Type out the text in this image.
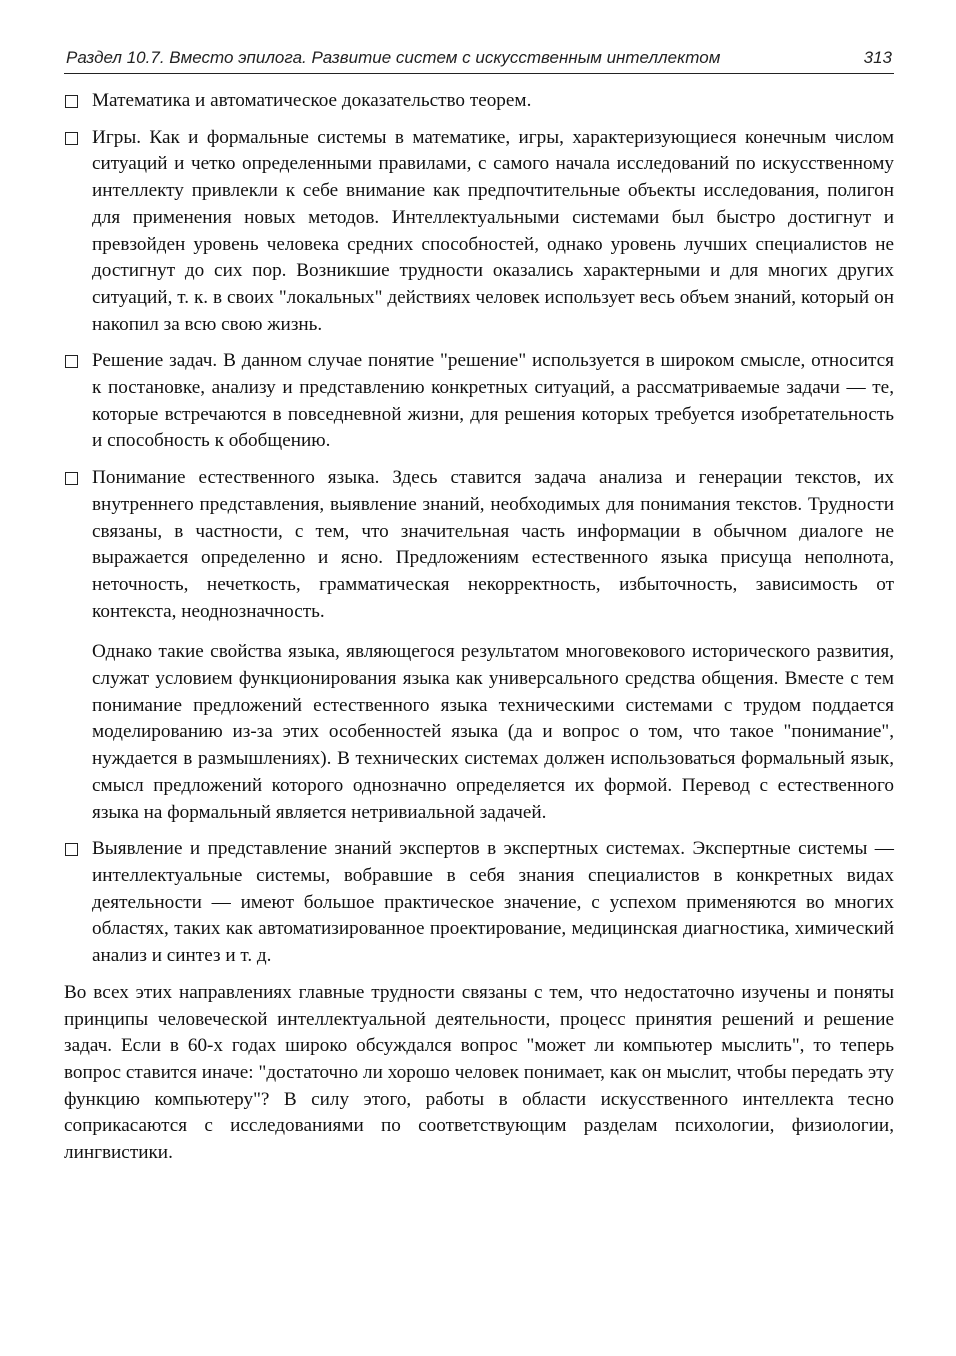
Раздел 10.7. Вместо эпилога. Развитие систем с искусственным интеллектом	313

Математика и автоматическое доказательство теорем.

Игры. Как и формальные системы в математике, игры, характеризующиеся конечным числом ситуаций и четко определенными правилами, с самого начала исследований по искусственному интеллекту привлекли к себе внимание как предпочтительные объекты исследования, полигон для применения новых методов. Интеллектуальными системами был быстро достигнут и превзойден уровень человека средних способностей, однако уровень лучших специалистов не достигнут до сих пор. Возникшие трудности оказались характерными и для многих других ситуаций, т. к. в своих "локальных" действиях человек использует весь объем знаний, который он накопил за всю свою жизнь.

Решение задач. В данном случае понятие "решение" используется в широком смысле, относится к постановке, анализу и представлению конкретных ситуаций, а рассматриваемые задачи — те, которые встречаются в повседневной жизни, для решения которых требуется изобретательность и способность к обобщению.

Понимание естественного языка. Здесь ставится задача анализа и генерации текстов, их внутреннего представления, выявление знаний, необходимых для понимания текстов. Трудности связаны, в частности, с тем, что значительная часть информации в обычном диалоге не выражается определенно и ясно. Предложениям естественного языка присуща неполнота, неточность, нечеткость, грамматическая некорректность, избыточность, зависимость от контекста, неоднозначность.

Однако такие свойства языка, являющегося результатом многовекового исторического развития, служат условием функционирования языка как универсального средства общения. Вместе с тем понимание предложений естественного языка техническими системами с трудом поддается моделированию из-за этих особенностей языка (да и вопрос о том, что такое "понимание", нуждается в размышлениях). В технических системах должен использоваться формальный язык, смысл предложений которого однозначно определяется их формой. Перевод с естественного языка на формальный является нетривиальной задачей.

Выявление и представление знаний экспертов в экспертных системах. Экспертные системы — интеллектуальные системы, вобравшие в себя знания специалистов в конкретных видах деятельности — имеют большое практическое значение, с успехом применяются во многих областях, таких как автоматизированное проектирование, медицинская диагностика, химический анализ и синтез и т. д.

Во всех этих направлениях главные трудности связаны с тем, что недостаточно изучены и поняты принципы человеческой интеллектуальной деятельности, процесс принятия решений и решение задач. Если в 60-х годах широко обсуждался вопрос "может ли компьютер мыслить", то теперь вопрос ставится иначе: "достаточно ли хорошо человек понимает, как он мыслит, чтобы передать эту функцию компьютеру"? В силу этого, работы в области искусственного интеллекта тесно соприкасаются с исследованиями по соответствующим разделам психологии, физиологии, лингвистики.
